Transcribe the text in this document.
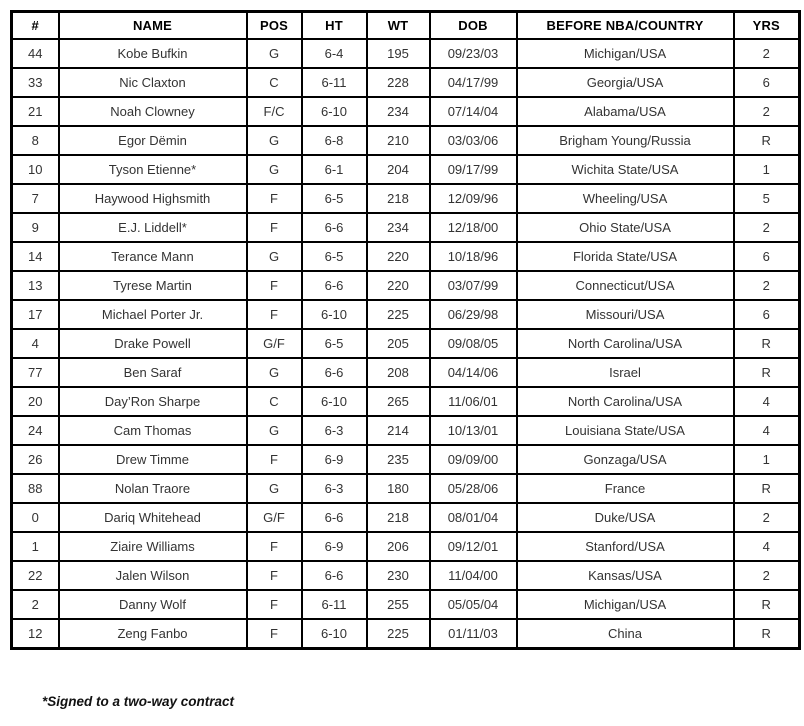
#	NAME	POS	HT	WT	DOB	BEFORE NBA/COUNTRY	YRS
44	Kobe Bufkin	G	6-4	195	09/23/03	Michigan/USA	2
33	Nic Claxton	C	6-11	228	04/17/99	Georgia/USA	6
21	Noah Clowney	F/C	6-10	234	07/14/04	Alabama/USA	2
8	Egor Dëmin	G	6-8	210	03/03/06	Brigham Young/Russia	R
10	Tyson Etienne*	G	6-1	204	09/17/99	Wichita State/USA	1
7	Haywood Highsmith	F	6-5	218	12/09/96	Wheeling/USA	5
9	E.J. Liddell*	F	6-6	234	12/18/00	Ohio State/USA	2
14	Terance Mann	G	6-5	220	10/18/96	Florida State/USA	6
13	Tyrese Martin	F	6-6	220	03/07/99	Connecticut/USA	2
17	Michael Porter Jr.	F	6-10	225	06/29/98	Missouri/USA	6
4	Drake Powell	G/F	6-5	205	09/08/05	North Carolina/USA	R
77	Ben Saraf	G	6-6	208	04/14/06	Israel	R
20	Day’Ron Sharpe	C	6-10	265	11/06/01	North Carolina/USA	4
24	Cam Thomas	G	6-3	214	10/13/01	Louisiana State/USA	4
26	Drew Timme	F	6-9	235	09/09/00	Gonzaga/USA	1
88	Nolan Traore	G	6-3	180	05/28/06	France	R
0	Dariq Whitehead	G/F	6-6	218	08/01/04	Duke/USA	2
1	Ziaire Williams	F	6-9	206	09/12/01	Stanford/USA	4
22	Jalen Wilson	F	6-6	230	11/04/00	Kansas/USA	2
2	Danny Wolf	F	6-11	255	05/05/04	Michigan/USA	R
12	Zeng Fanbo	F	6-10	225	01/11/03	China	R
*Signed to a two-way contract
